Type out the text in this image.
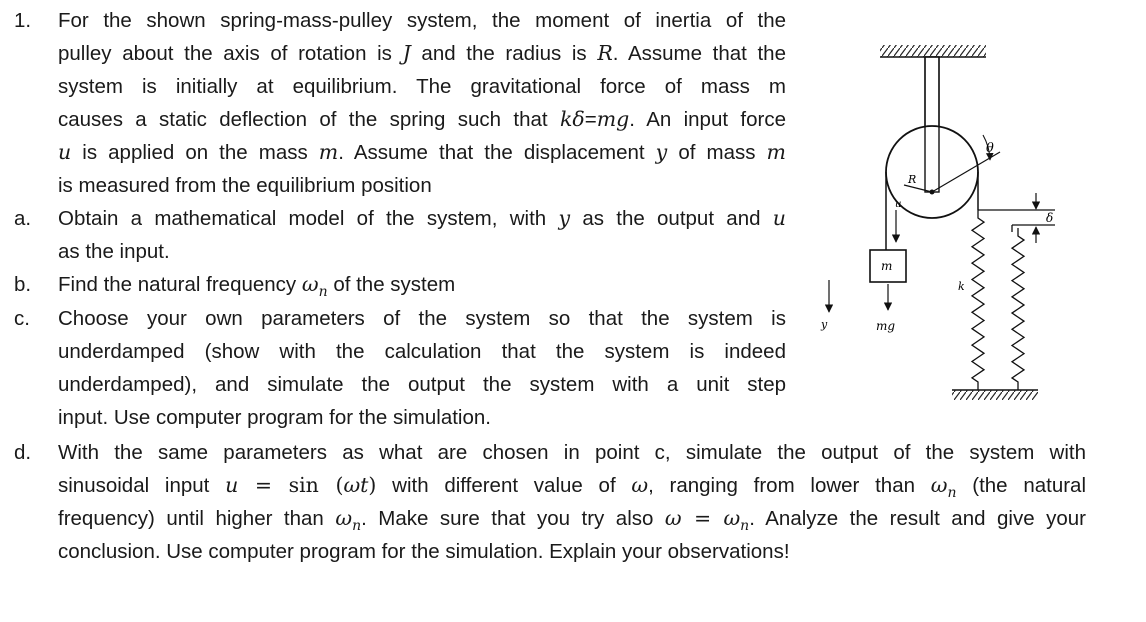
1.	For the shown spring-mass-pulley system, the moment of inertia of the
pulley about the axis of rotation is J and the radius is R. Assume that the
system is initially at equilibrium. The gravitational force of mass m
causes a static deflection of the spring such that kδ=mg. An input force
u is applied on the mass m. Assume that the displacement y of mass m
is measured from the equilibrium position
a.	Obtain a mathematical model of the system, with y as the output and u
as the input.
b.	Find the natural frequency $\omega_n$ of the system
c.	Choose your own parameters of the system so that the system is
underdamped (show with the calculation that the system is indeed
underdamped), and simulate the output the system with a unit step
input. Use computer program for the simulation.
d.	With the same parameters as what are chosen in point c, simulate the output of the system with
sinusoidal input u = sin (ωt) with different value of ω, ranging from lower than $\omega_n$ (the natural
frequency) until higher than $\omega_n$. Make sure that you try also $\omega = \omega_n$. Analyze the result and give your
conclusion. Use computer program for the simulation. Explain your observations!
θ
R
u
m
mg
y
k
δ
